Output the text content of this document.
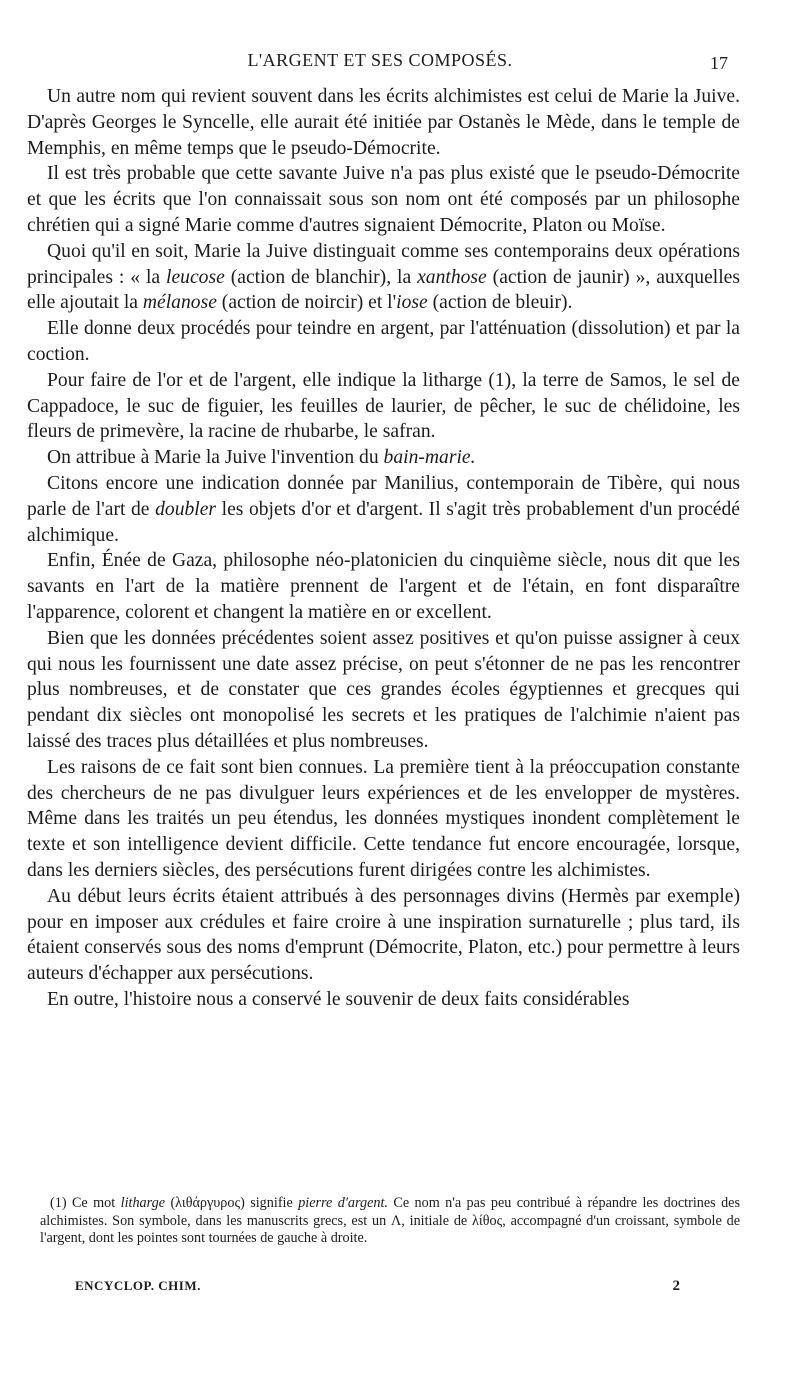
L'ARGENT ET SES COMPOSÉS.	17

Un autre nom qui revient souvent dans les écrits alchimistes est celui de Marie la Juive. D'après Georges le Syncelle, elle aurait été initiée par Ostanès le Mède, dans le temple de Memphis, en même temps que le pseudo-Démocrite.

Il est très probable que cette savante Juive n'a pas plus existé que le pseudo-Démocrite et que les écrits que l'on connaissait sous son nom ont été composés par un philosophe chrétien qui a signé Marie comme d'autres signaient Démocrite, Platon ou Moïse.

Quoi qu'il en soit, Marie la Juive distinguait comme ses contemporains deux opérations principales : « la leucose (action de blanchir), la xanthose (action de jaunir) », auxquelles elle ajoutait la mélanose (action de noircir) et l'iose (action de bleuir).

Elle donne deux procédés pour teindre en argent, par l'atténuation (dissolution) et par la coction.

Pour faire de l'or et de l'argent, elle indique la litharge (1), la terre de Samos, le sel de Cappadoce, le suc de figuier, les feuilles de laurier, de pêcher, le suc de chélidoine, les fleurs de primevère, la racine de rhubarbe, le safran.

On attribue à Marie la Juive l'invention du bain-marie.

Citons encore une indication donnée par Manilius, contemporain de Tibère, qui nous parle de l'art de doubler les objets d'or et d'argent. Il s'agit très probablement d'un procédé alchimique.

Enfin, Énée de Gaza, philosophe néo-platonicien du cinquième siècle, nous dit que les savants en l'art de la matière prennent de l'argent et de l'étain, en font disparaître l'apparence, colorent et changent la matière en or excellent.

Bien que les données précédentes soient assez positives et qu'on puisse assigner à ceux qui nous les fournissent une date assez précise, on peut s'étonner de ne pas les rencontrer plus nombreuses, et de constater que ces grandes écoles égyptiennes et grecques qui pendant dix siècles ont monopolisé les secrets et les pratiques de l'alchimie n'aient pas laissé des traces plus détaillées et plus nombreuses.

Les raisons de ce fait sont bien connues. La première tient à la préoccupation constante des chercheurs de ne pas divulguer leurs expériences et de les envelopper de mystères. Même dans les traités un peu étendus, les données mystiques inondent complètement le texte et son intelligence devient difficile. Cette tendance fut encore encouragée, lorsque, dans les derniers siècles, des persécutions furent dirigées contre les alchimistes.

Au début leurs écrits étaient attribués à des personnages divins (Hermès par exemple) pour en imposer aux crédules et faire croire à une inspiration surnaturelle ; plus tard, ils étaient conservés sous des noms d'emprunt (Démocrite, Platon, etc.) pour permettre à leurs auteurs d'échapper aux persécutions.

En outre, l'histoire nous a conservé le souvenir de deux faits considérables

(1) Ce mot litharge (λιθάργυρος) signifie pierre d'argent. Ce nom n'a pas peu contribué à répandre les doctrines des alchimistes. Son symbole, dans les manuscrits grecs, est un Λ, initiale de λίθος, accompagné d'un croissant, symbole de l'argent, dont les pointes sont tournées de gauche à droite.

ENCYCLOP. CHIM.	2
